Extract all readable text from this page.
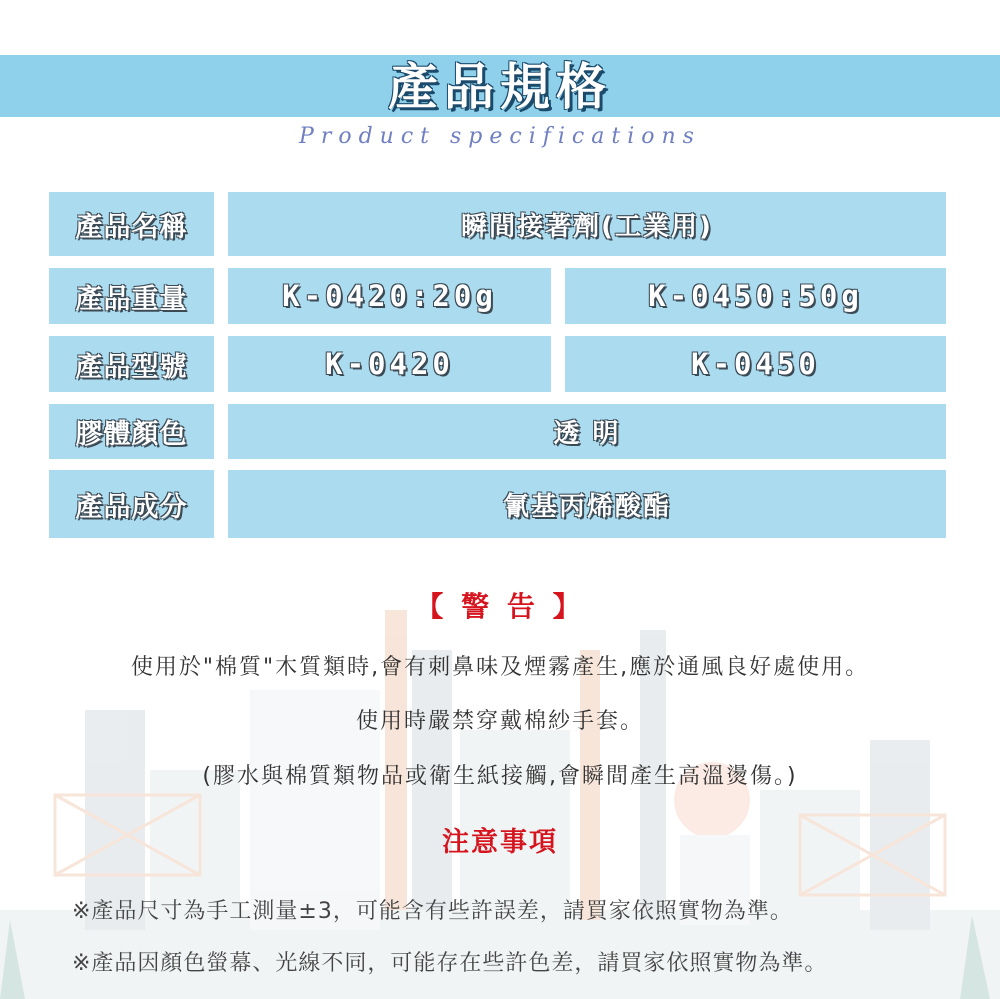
產品規格
Product specifications
產品名稱	瞬間接著劑(工業用)
產品重量	K-0420:20g	K-0450:50g
產品型號	K-0420	K-0450
膠體顏色	透 明
產品成分	氰基丙烯酸酯
【 警 告 】
使用於"棉質"木質類時,會有刺鼻味及煙霧產生,應於通風良好處使用。
使用時嚴禁穿戴棉紗手套。
(膠水與棉質類物品或衛生紙接觸,會瞬間產生高溫燙傷。)
注意事項
※產品尺寸為手工測量±3，可能含有些許誤差，請買家依照實物為準。
※產品因顏色螢幕、光線不同，可能存在些許色差，請買家依照實物為準。
